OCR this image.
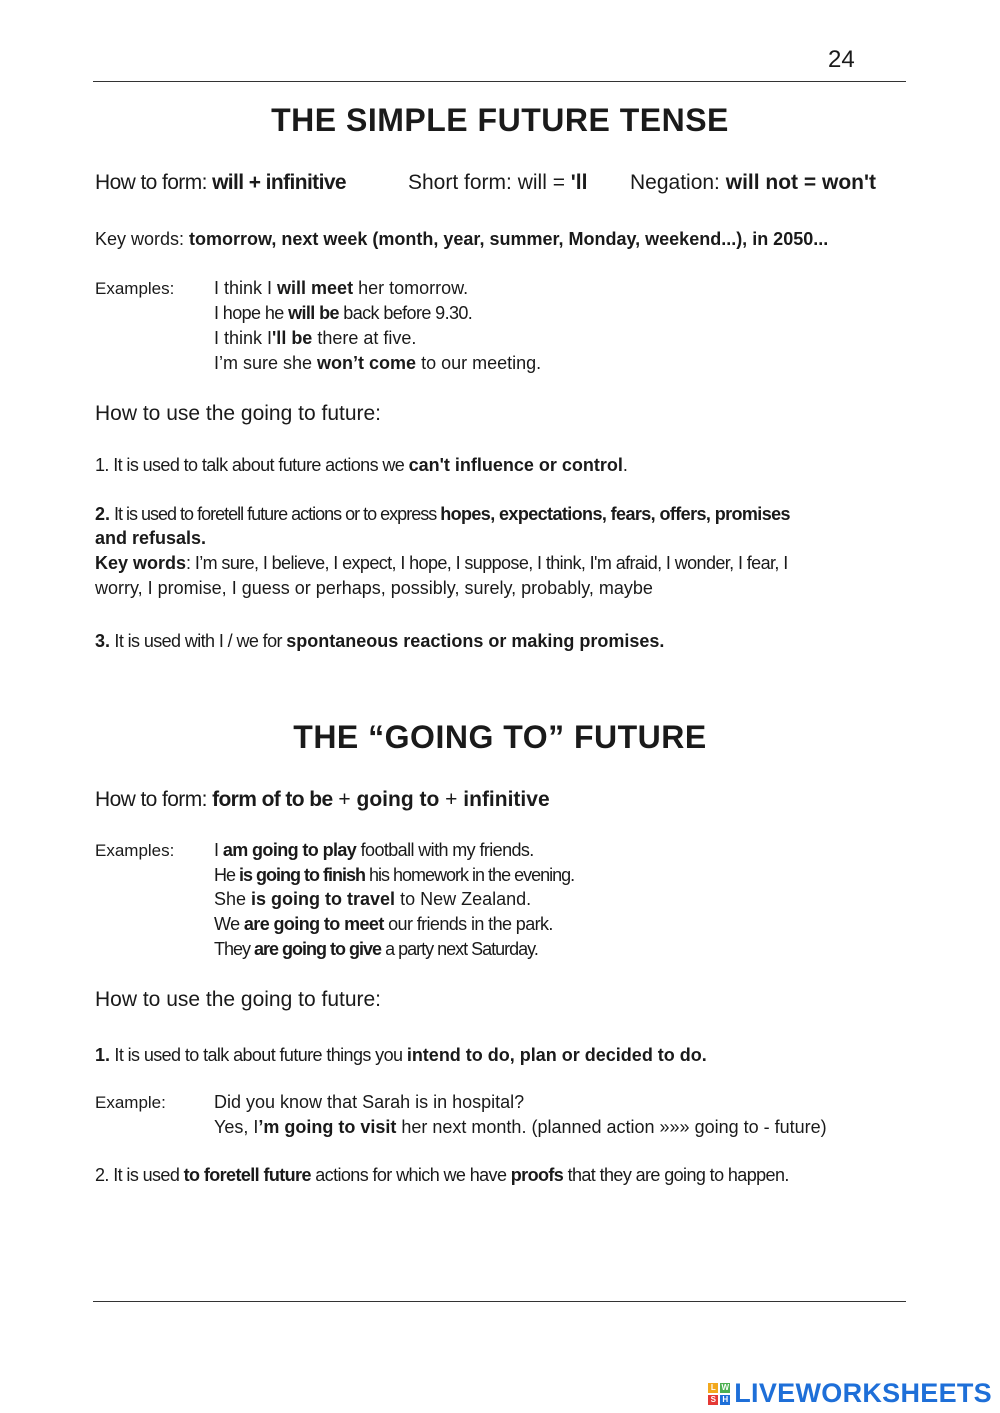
24
THE SIMPLE FUTURE TENSE
How to form: will + infinitive	Short form: will = 'll Negation: will not = won't
Key words: tomorrow, next week (month, year, summer, Monday, weekend...), in 2050...
Examples: I think I will meet her tomorrow.
I hope he will be back before 9.30.
I think I'll be there at five.
I’m sure she won’t come to our meeting.
How to use the going to future:
1. It is used to talk about future actions we can't influence or control.
2. It is used to foretell future actions or to express hopes, expectations, fears, offers, promises
and refusals.
Key words: I’m sure, I believe, I expect, I hope, I suppose, I think, I'm afraid, I wonder, I fear, I
worry, I promise, I guess or perhaps, possibly, surely, probably, maybe
3. It is used with I / we for spontaneous reactions or making promises.
THE “GOING TO” FUTURE
How to form: form of to be + going to + infinitive
Examples: I am going to play football with my friends.
He is going to finish his homework in the evening.
She is going to travel to New Zealand.
We are going to meet our friends in the park.
They are going to give a party next Saturday.
How to use the going to future:
1. It is used to talk about future things you intend to do, plan or decided to do.
Example:	Did you know that Sarah is in hospital?
Yes, I’m going to visit her next month. (planned action »»» going to - future)
2. It is used to foretell future actions for which we have proofs that they are going to happen.
L W
S H LIVEWORKSHEETS
